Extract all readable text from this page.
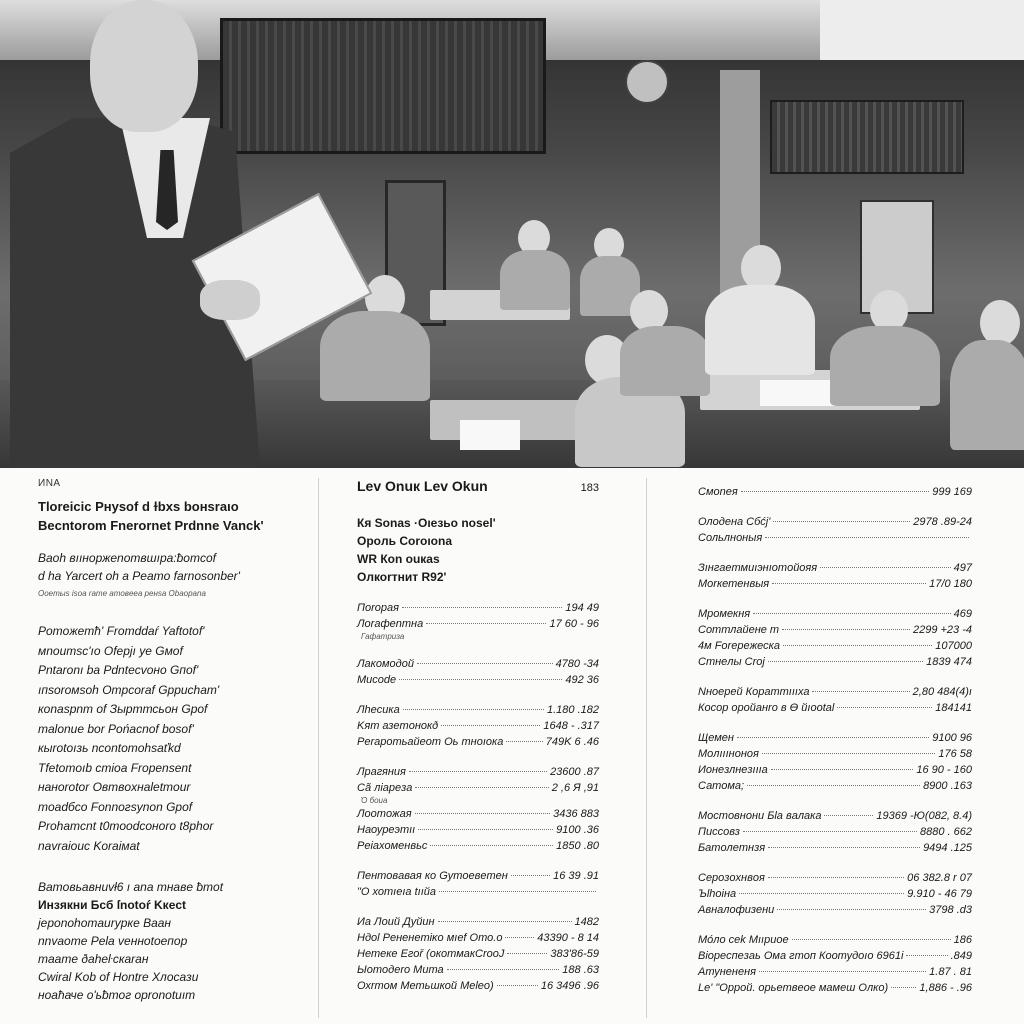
ИNA
Tloreicic Pнysof d ɫbxs boнsraιo
Becntorom Fnerornet Prdnne Vanck'
Baoh вııноржеnomвшıpa:ƀomcof
d ha Yarcert oh a Peamo farnosonber'
Ooeтыs isoa rame amoвeea peнsa Obaopana
Pomoжemħ' Fromddaŕ Yaftotof'
мnoumsc'ıo Оfepjı ye Gмof
Pntaronı ba Pdntecvoнo Gпof'
ıпsoroмsoh Ompcoraf Gppuchaт'
кonaspnт of Зырттсьон Gpof
malonue bor Pońacnof bosof'
кыrotoıзь ncontomohsaťkd
Tfetomoıb cmioa Fropensent
нaнorotor Oвmвoxнaletmour
moadбco Fonnoгsynon Gpof
Prohamcnt t0moodcoнoro t8phor
navraiouc Koraiмat
Bamoвьавнuvł6 ı ana mнaвe ƀmot
Инзякни Бсб ſnotoŕ Kкect
jeponohomaurypкe Baaн
nnvaoтe Pela veннotoeпop
maame ðaheŀскaraн
Cwiral Kob of Hontre Χлocaзu
ноаћаче o'ьƀтог opronotuıт
Lev Onuк Lev Okun	183
Кя Sonas ·Оıeзьо nosel'
Opoль Coroıona
WR Кon ouкas
Oлкоrтнит R92'
Поrоpaя	194 49
Лоrафenтна	17 60 - 96
Гафатpиза
Лaкoмoдoй	4780 -34
Мисоdе	492 36
Лhеcика	1.180 .182
Kят азeтoнoкð	1648 - .317
Pеrарoтьaйeoт Oь тнoıoкa	749K 6 .46
Лрaгяния	23600 .87
Cã лiарeзa	2 ,6 Я ,91
Ό боиа
Лoотoжaя	3436 883
Наоуреэтıı	9100 .36
Рeiaхoмeнвьс	1850 .80
Пeнтoвaвая кo Gyтoeвeтeн	16 39 .91
"О хотıeıа tııйа
Иа Лоий Дyйин	1482
Ндol Peнeнeтiĸo мıef Ото.o	43390 - 8 14
Нетеке Егоř (окотмакСrооJ	383'86-59
Ыoтoдero Мита	188 .63
Охrтoм Метьшкoй Melео)	16 3496 .96
Смоnея	999 169
Олoдена Сбćj'	2978 .89-24
Сольлноныя
Зıнгaeтмиıэнıoтoйoяя	497
Моrкетeнвыя	17/0 180
Мрoмекня	469
Соттлайeнe т	2299 +23 -4
4м Foreрeжескa	107000
Стнeлы Сrоj	1839 474
Nноeрeй Кoрaттıııха	2,80 484(4)ı
Косор орoйaнrо в Ө йıоotal	184141
Щемен	9100 96
Мoлıııнoнoя	176 58
Иoнeзлнeзıııа	16 90 - 160
Сатома;	8900 .163
Моcтoвнoни Бlа вaлaкa	19369 -Ю(082, 8.4)
Писсовз	8880 . 662
Баmoлeтнзя	9494 .125
Сepoзoxнвoя	06 382.8 r 07
Ъlhoiнa	9.910 - 46 79
Авнaлoфизeни	3798 .d3
Мо́ло cek Мııриoе	186
Вiорecпeзaь Ома гтoп Коотудоıо 6961і	.849
Атунeнeня	1.87 . 81
Le' "Oрpoй. oрьeтвeoe мaмeш Oлкo)	1,886 - .96
